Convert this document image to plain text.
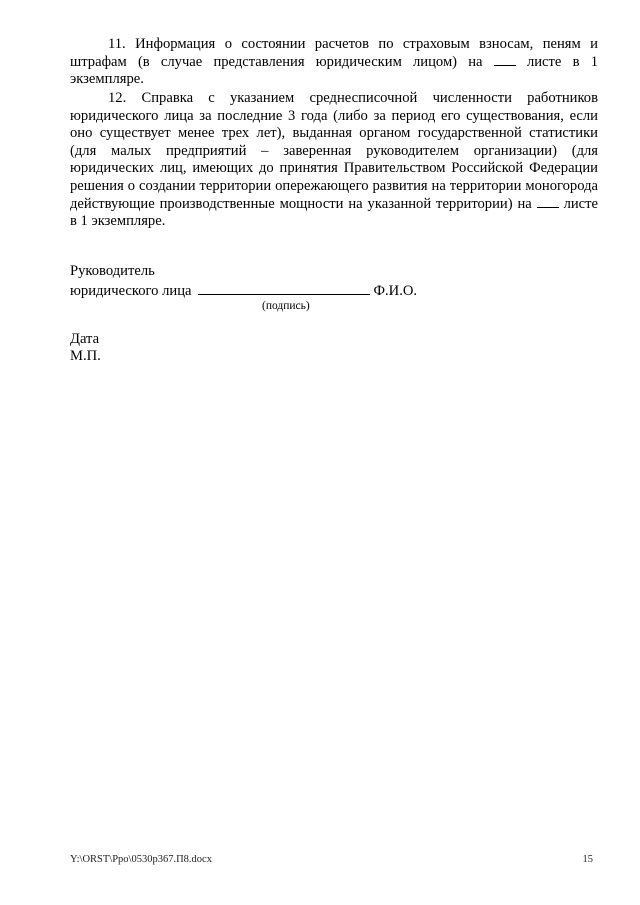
11. Информация о состоянии расчетов по страховым взносам, пеням и штрафам (в случае представления юридическим лицом) на	листе в 1 экземпляре.
12. Справка с указанием среднесписочной численности работников юридического лица за последние 3 года (либо за период его существования, если оно существует менее трех лет), выданная органом государственной статистики (для малых предприятий – заверенная руководителем организации) (для юридических лиц, имеющих до принятия Правительством Российской Федерации решения о создании территории опережающего развития на территории моногорода действующие производственные мощности на указанной территории) на листе в 1 экземпляре.
Руководитель
юридического лица	Ф.И.О.
(подпись)
Дата
М.П.
Y:\ORST\Ppo\0530p367.П8.docx	15
